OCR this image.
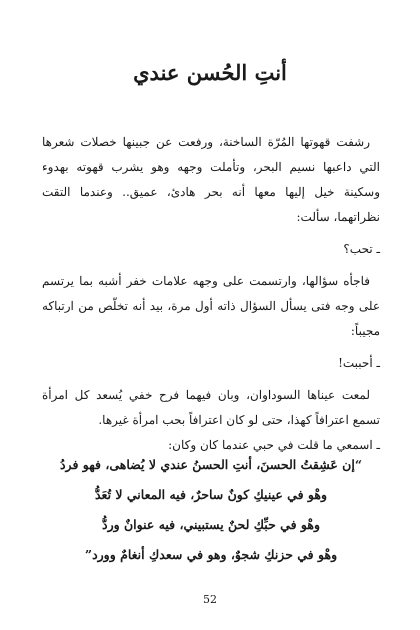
أنتِ الحُسن عندي

رشفت قهوتها المُرّة الساخنة، ورفعت عن جبينها خصلات شعرها التي داعبها نسيم البحر، وتأملت وجهه وهو يشرب قهوته بهدوء وسكينة خيل إليها معها أنه بحر هادئ، عميق.. وعندما التقت نظراتهما، سألت:

ـ تحب؟

فاجأه سؤالها، وارتسمت على وجهه علامات خفر أشبه بما يرتسم على وجه فتى يسأل السؤال ذاته أول مرة، بيد أنه تخلّص من ارتباكه مجيباً:

ـ أحببت!

لمعت عيناها السوداوان، وبان فيهما فرح خفي يُسعد كل امرأة تسمع اعترافاً كهذا، حتى لو كان اعترافاً بحب امرأة غيرها.

ـ اسمعي ما قلت في حبي عندما كان وكان:

“إن عَشِقتُ الحسنَ، أنتِ الحسنُ عندي لا يُضاهى، فهو فردُ

وهْو في عينيكِ كونٌ ساحرٌ، فيه المعاني لا تُعَدُّ

وهْو في حبِّكِ لحنٌ يستبيني، فيه عنوانٌ وردُّ

وهْو في حزنكِ شجوٌ، وهو في سعدكِ أنغامٌ وورد”

52
